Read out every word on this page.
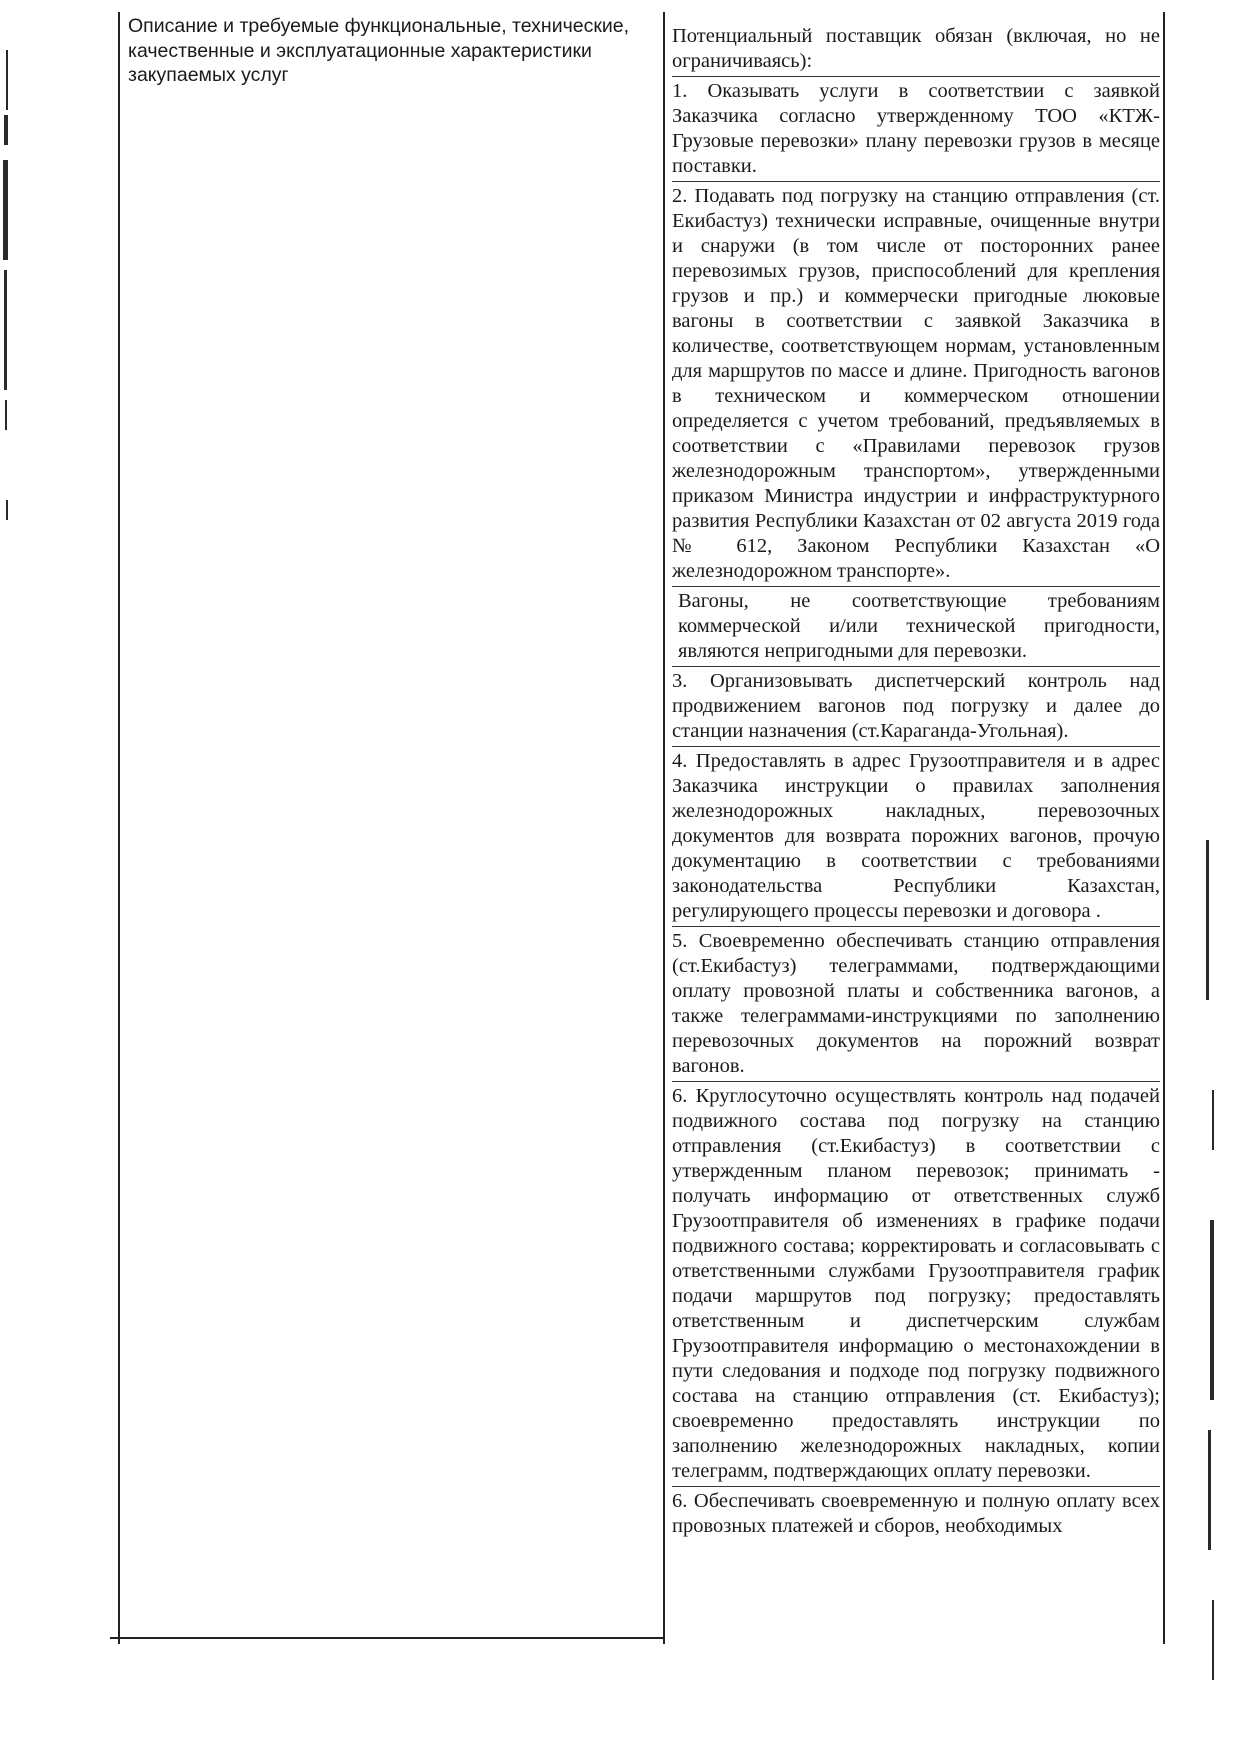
Описание и требуемые функциональные, технические, качественные и эксплуатационные характеристики закупаемых услуг

Потенциальный поставщик обязан (включая, но не ограничиваясь):

1. Оказывать услуги в соответствии с заявкой Заказчика согласно утвержденному ТОО «КТЖ-Грузовые перевозки» плану перевозки грузов в месяце поставки.

2. Подавать под погрузку на станцию отправления (ст. Екибастуз) технически исправные, очищенные внутри и снаружи (в том числе от посторонних ранее перевозимых грузов, приспособлений для крепления грузов и пр.) и коммерчески пригодные люковые вагоны в соответствии с заявкой Заказчика в количестве, соответствующем нормам, установленным для маршрутов по массе и длине. Пригодность вагонов в техническом и коммерческом отношении определяется с учетом требований, предъявляемых в соответствии с «Правилами перевозок грузов железнодорожным транспортом», утвержденными приказом Министра индустрии и инфраструктурного развития Республики Казахстан от 02 августа 2019 года № 612, Законом Республики Казахстан «О железнодорожном транспорте».

Вагоны, не соответствующие требованиям коммерческой и/или технической пригодности, являются непригодными для перевозки.

3. Организовывать диспетчерский контроль над продвижением вагонов под погрузку и далее до станции назначения (ст.Караганда-Угольная).

4. Предоставлять в адрес Грузоотправителя и в адрес Заказчика инструкции о правилах заполнения железнодорожных накладных, перевозочных документов для возврата порожних вагонов, прочую документацию в соответствии с требованиями законодательства Республики Казахстан, регулирующего процессы перевозки и договора .

5. Своевременно обеспечивать станцию отправления (ст.Екибастуз) телеграммами, подтверждающими оплату провозной платы и собственника вагонов, а также телеграммами-инструкциями по заполнению перевозочных документов на порожний возврат вагонов.

6. Круглосуточно осуществлять контроль над подачей подвижного состава под погрузку на станцию отправления (ст.Екибастуз) в соответствии с утвержденным планом перевозок; принимать - получать информацию от ответственных служб Грузоотправителя об изменениях в графике подачи подвижного состава; корректировать и согласовывать с ответственными службами Грузоотправителя график подачи маршрутов под погрузку; предоставлять ответственным и диспетчерским службам Грузоотправителя информацию о местонахождении в пути следования и подходе под погрузку подвижного состава на станцию отправления (ст. Екибастуз); своевременно предоставлять инструкции по заполнению железнодорожных накладных, копии телеграмм, подтверждающих оплату перевозки.

6. Обеспечивать своевременную и полную оплату всех провозных платежей и сборов, необходимых
